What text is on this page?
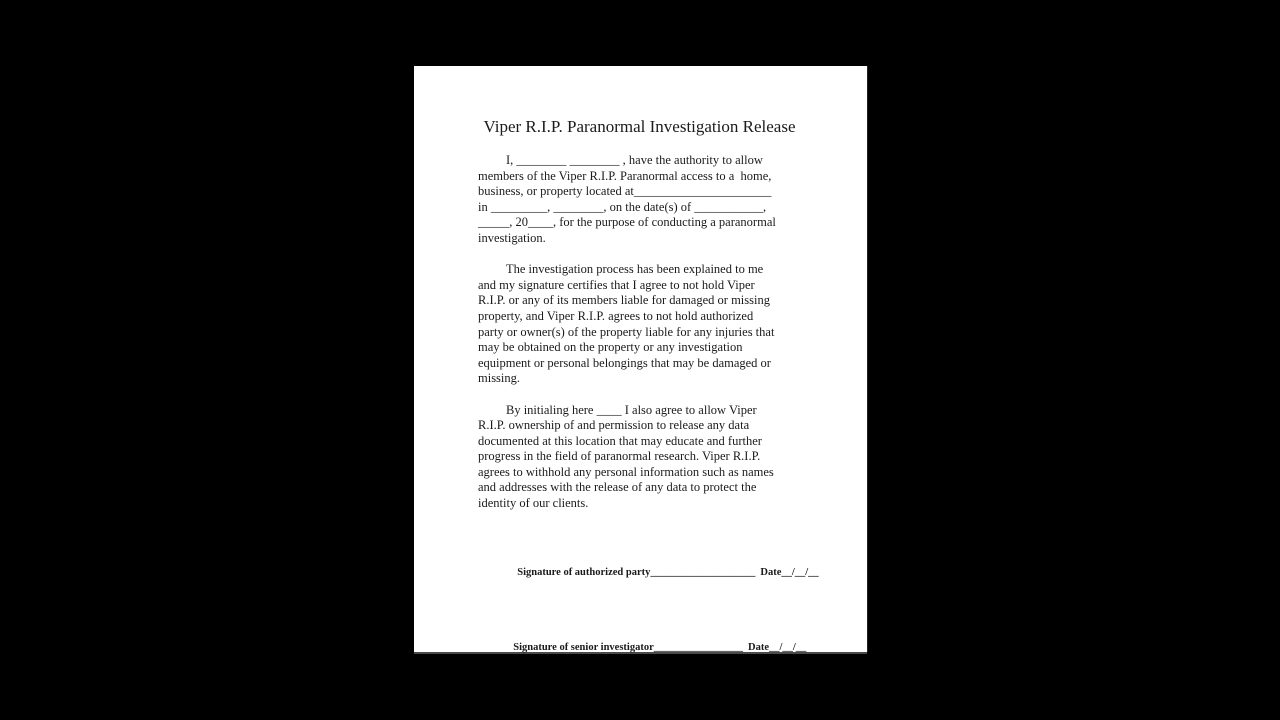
Viper R.I.P. Paranormal Investigation Release
I, ________ ________ , have the authority to allow
members of the Viper R.I.P. Paranormal access to a  home,
business, or property located at______________________
in _________, ________, on the date(s) of ___________,
_____, 20____, for the purpose of conducting a paranormal
investigation.
The investigation process has been explained to me
and my signature certifies that I agree to not hold Viper
R.I.P. or any of its members liable for damaged or missing
property, and Viper R.I.P. agrees to not hold authorized
party or owner(s) of the property liable for any injuries that
may be obtained on the property or any investigation
equipment or personal belongings that may be damaged or
missing.
By initialing here ____ I also agree to allow Viper
R.I.P. ownership of and permission to release any data
documented at this location that may educate and further
progress in the field of paranormal research. Viper R.I.P.
agrees to withhold any personal information such as names
and addresses with the release of any data to protect the
identity of our clients.

Signature of authorized party____________________ Date__/__/__

Signature of senior investigator_________________ Date__/__/__
